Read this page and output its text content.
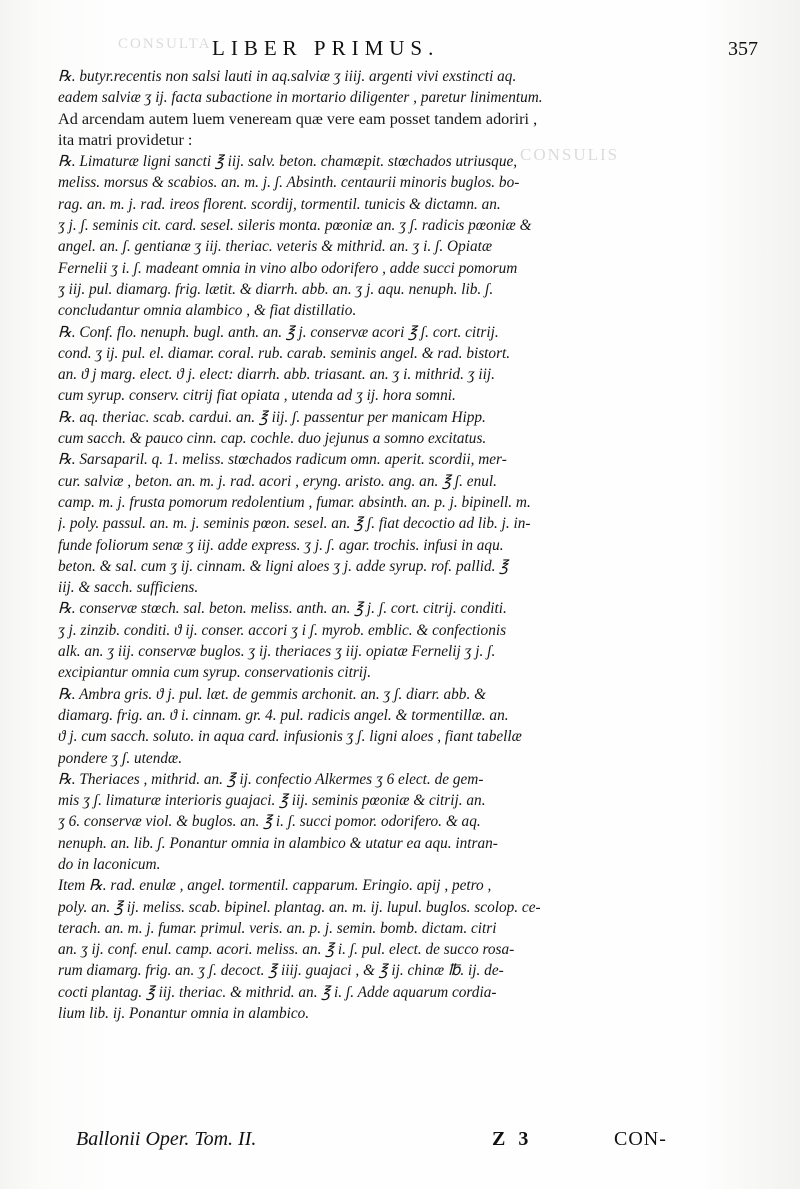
CONSULTA
CONSULIS
LIBER PRIMUS.	357
℞. butyr.recentis non salsi lauti in aq.salviæ ʒ iiij. argenti vivi exstincti aq.
eadem salviæ ʒ ij. facta subactione in mortario diligenter , paretur linimentum.
Ad arcendam autem luem veneream quæ vere eam posset tandem adoriri ,
ita matri providetur :
℞. Limaturæ ligni sancti ℥ iij. salv. beton. chamæpit. stœchados utriusque,
meliss. morsus & scabios. an. m. j. ʃ. Absinth. centaurii minoris buglos. bo-
rag. an. m. j. rad. ireos florent. scordij, tormentil. tunicis & dictamn. an.
ʒ j. ʃ. seminis cit. card. sesel. sileris monta. pœoniæ an. ʒ ʃ. radicis pœoniæ &
angel. an. ʃ. gentianæ ʒ iij. theriac. veteris & mithrid. an. ʒ i. ʃ. Opiatæ
Fernelii ʒ i. ʃ. madeant omnia in vino albo odorifero , adde succi pomorum
ʒ iij. pul. diamarg. frig. lætit. & diarrh. abb. an. ʒ j. aqu. nenuph. lib. ʃ.
concludantur omnia alambico , & fiat distillatio.
℞. Conf. flo. nenuph. bugl. anth. an. ℥ j. conservæ acori ℥ ʃ. cort. citrij.
cond. ʒ ij. pul. el. diamar. coral. rub. carab. seminis angel. & rad. bistort.
an. ϑ j marg. elect. ϑ j. elect: diarrh. abb. triasant. an. ʒ i. mithrid. ʒ iij.
cum syrup. conserv. citrij fiat opiata , utenda ad ʒ ij. hora somni.
℞. aq. theriac. scab. cardui. an. ℥ iij. ʃ. passentur per manicam Hipp.
cum sacch. & pauco cinn. cap. cochle. duo jejunus a somno excitatus.
℞. Sarsaparil. q. 1. meliss. stœchados radicum omn. aperit. scordii, mer-
cur. salviæ , beton. an. m. j. rad. acori , eryng. aristo. ang. an. ℥ ʃ. enul.
camp. m. j. frusta pomorum redolentium , fumar. absinth. an. p. j. bipinell. m.
j. poly. passul. an. m. j. seminis pœon. sesel. an. ℥ ʃ. fiat decoctio ad lib. j. in-
funde foliorum senæ ʒ iij. adde express. ʒ j. ʃ. agar. trochis. infusi in aqu.
beton. & sal. cum ʒ ij. cinnam. & ligni aloes ʒ j. adde syrup. rof. pallid. ℥
iij. & sacch. sufficiens.
℞. conservæ stœch. sal. beton. meliss. anth. an. ℥ j. ʃ. cort. citrij. conditi.
ʒ j. zinzib. conditi. ϑ ij. conser. accori ʒ i ʃ. myrob. emblic. & confectionis
alk. an. ʒ iij. conservæ buglos. ʒ ij. theriaces ʒ iij. opiatæ Fernelij ʒ j. ʃ.
excipiantur omnia cum syrup. conservationis citrij.
℞. Ambra gris. ϑ j. pul. læt. de gemmis archonit. an. ʒ ʃ. diarr. abb. &
diamarg. frig. an. ϑ i. cinnam. gr. 4. pul. radicis angel. & tormentillæ. an.
ϑ j. cum sacch. soluto. in aqua card. infusionis ʒ ʃ. ligni aloes , fiant tabellæ
pondere ʒ ʃ. utendæ.
℞. Theriaces , mithrid. an. ℥ ij. confectio Alkermes ʒ 6 elect. de gem-
mis ʒ ʃ. limaturæ interioris guajaci. ℥ iij. seminis pœoniæ & citrij. an.
ʒ 6. conservæ viol. & buglos. an. ℥ i. ʃ. succi pomor. odorifero. & aq.
nenuph. an. lib. ʃ. Ponantur omnia in alambico & utatur ea aqu. intran-
do in laconicum.
Item ℞. rad. enulæ , angel. tormentil. capparum. Eringio. apij , petro ,
poly. an. ℥ ij. meliss. scab. bipinel. plantag. an. m. ij. lupul. buglos. scolop. ce-
terach. an. m. j. fumar. primul. veris. an. p. j. semin. bomb. dictam. citri
an. ʒ ij. conf. enul. camp. acori. meliss. an. ℥ i. ʃ. pul. elect. de succo rosa-
rum diamarg. frig. an. ʒ ʃ. decoct. ℥ iiij. guajaci , & ℥ ij. chinæ ℔. ij. de-
cocti plantag. ℥ iij. theriac. & mithrid. an. ℥ i. ʃ. Adde aquarum cordia-
lium lib. ij. Ponantur omnia in alambico.
Ballonii Oper. Tom. II.	Z 3	CON-
